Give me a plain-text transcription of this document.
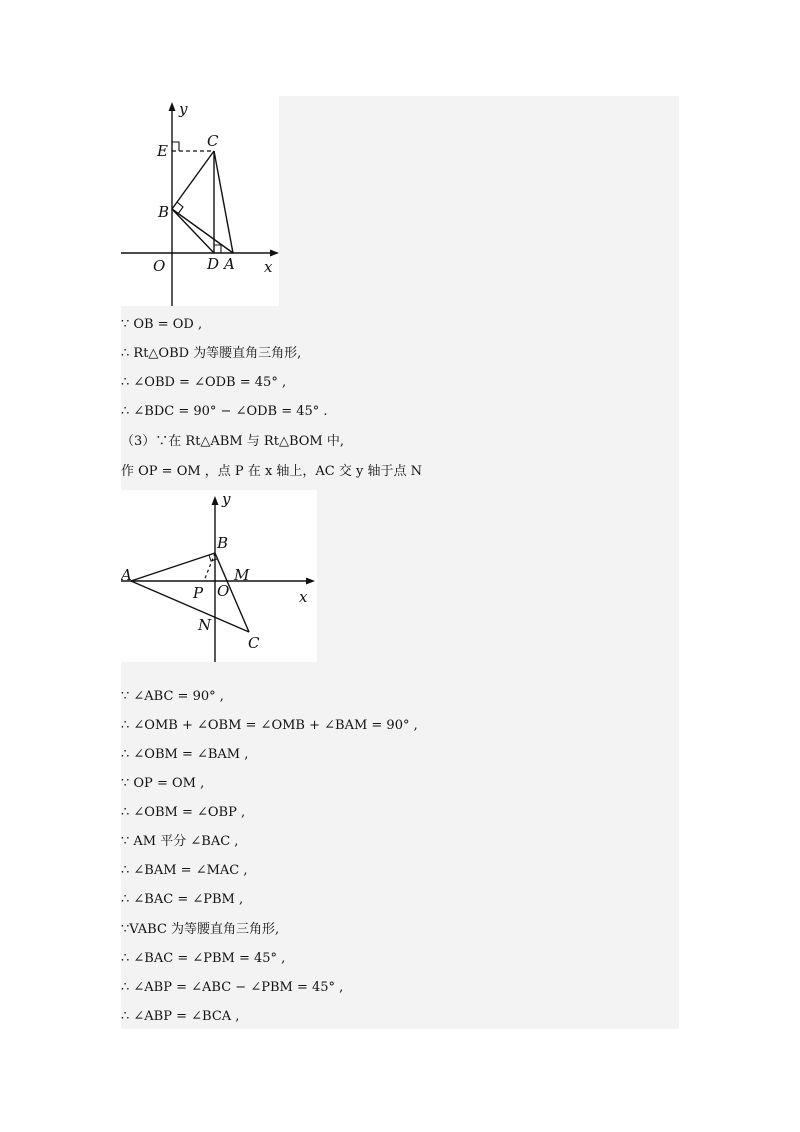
y
C
E
B
O	D A x
∵ OB = OD ,
∴ Rt△OBD 为等腰直角三角形,
∴ ∠OBD = ∠ODB = 45° ,
∴ ∠BDC = 90° − ∠ODB = 45° .
（3）∵在 Rt△ABM 与 Rt△BOM 中,
作 OP = OM ，点 P 在 x 轴上，AC 交 y 轴于点 N
y
B
A	M
P O	x
N
C
∵ ∠ABC = 90° ,
∴ ∠OMB + ∠OBM = ∠OMB + ∠BAM = 90° ,
∴ ∠OBM = ∠BAM ,
∵ OP = OM ,
∴ ∠OBM = ∠OBP ,
∵ AM 平分 ∠BAC ,
∴ ∠BAM = ∠MAC ,
∴ ∠BAC = ∠PBM ,
∵VABC 为等腰直角三角形,
∴ ∠BAC = ∠PBM = 45° ,
∴ ∠ABP = ∠ABC − ∠PBM = 45° ,
∴ ∠ABP = ∠BCA ,
